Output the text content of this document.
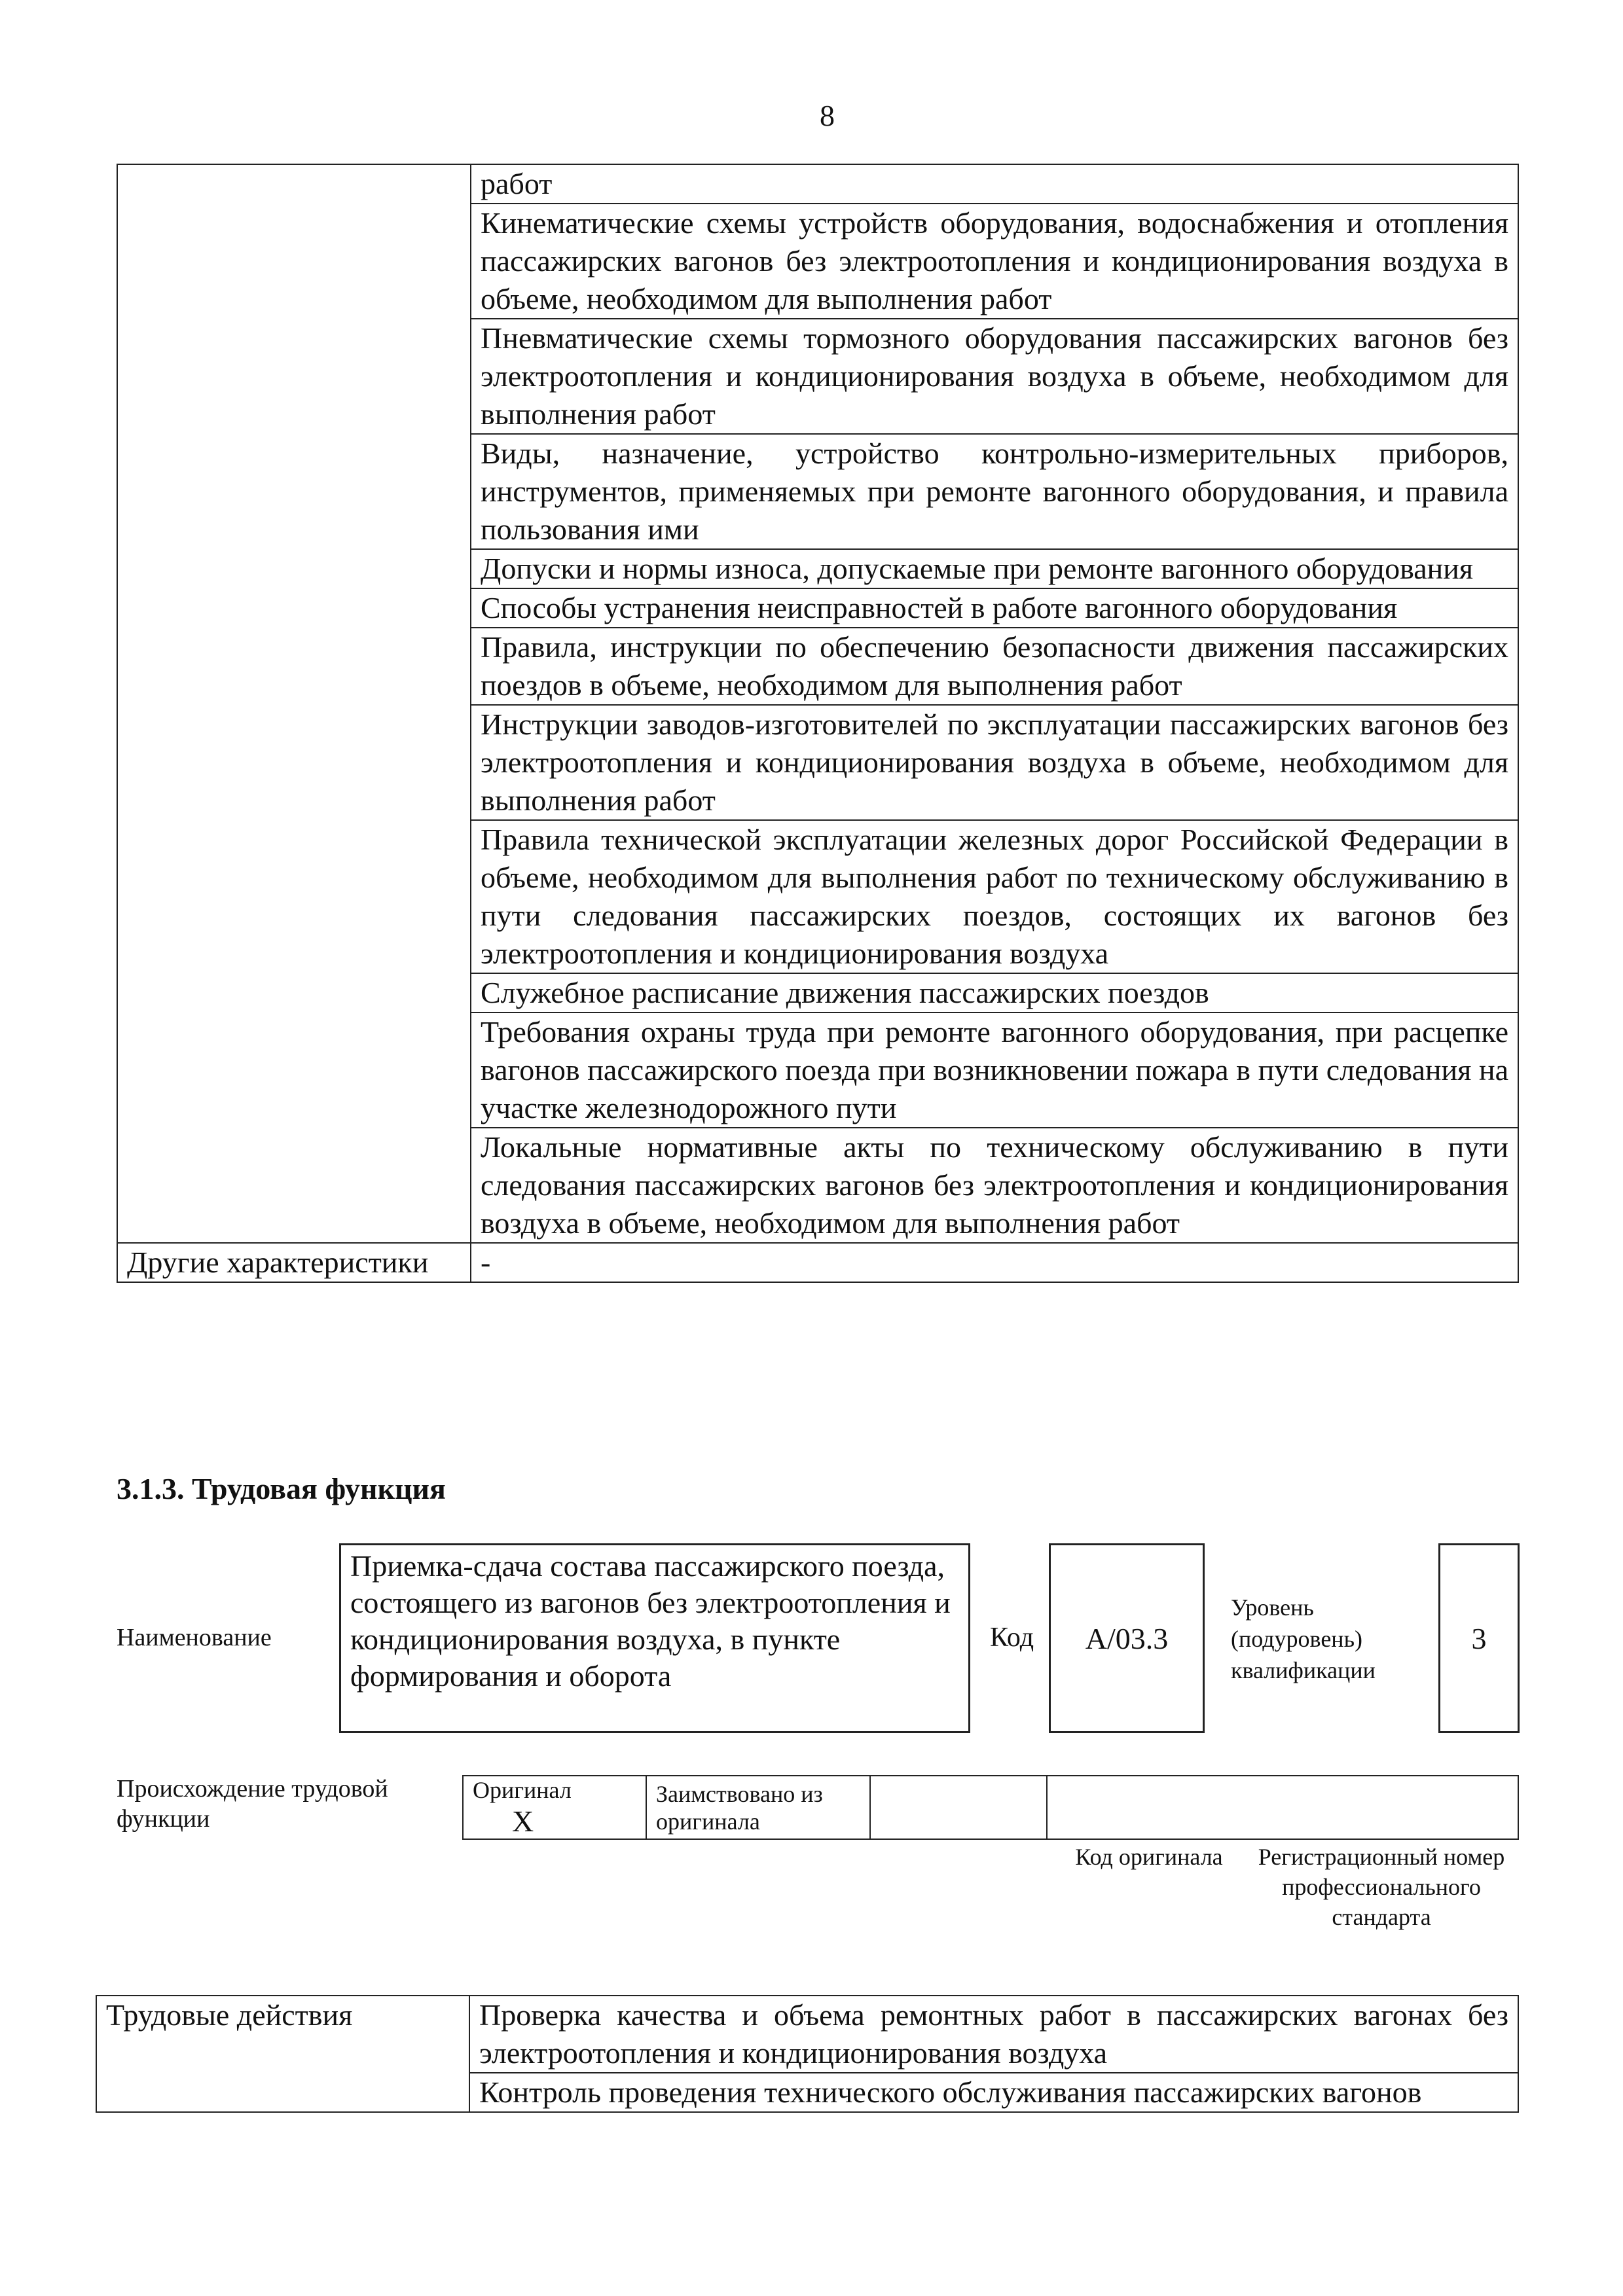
8
	работ
	Кинематические схемы устройств оборудования, водоснабжения и отопления пассажирских вагонов без электроотопления и кондиционирования воздуха в объеме, необходимом для выполнения работ
	Пневматические схемы тормозного оборудования пассажирских вагонов без электроотопления и кондиционирования воздуха в объеме, необходимом для выполнения работ
	Виды, назначение, устройство контрольно-измерительных приборов, инструментов, применяемых при ремонте вагонного оборудования, и правила пользования ими
	Допуски и нормы износа, допускаемые при ремонте вагонного оборудования
	Способы устранения неисправностей в работе вагонного оборудования
	Правила, инструкции по обеспечению безопасности движения пассажирских поездов в объеме, необходимом для выполнения работ
	Инструкции заводов-изготовителей по эксплуатации пассажирских вагонов без электроотопления и кондиционирования воздуха в объеме, необходимом для выполнения работ
	Правила технической эксплуатации железных дорог Российской Федерации в объеме, необходимом для выполнения работ по техническому обслуживанию в пути следования пассажирских поездов, состоящих их вагонов без электроотопления и кондиционирования воздуха
	Служебное расписание движения пассажирских поездов
	Требования охраны труда при ремонте вагонного оборудования, при расцепке вагонов пассажирского поезда при возникновении пожара в пути следования на участке железнодорожного пути
	Локальные нормативные акты по техническому обслуживанию в пути следования пассажирских вагонов без электроотопления и кондиционирования воздуха в объеме, необходимом для выполнения работ
Другие характеристики	-
3.1.3. Трудовая функция
Наименование
Приемка-сдача состава пассажирского поезда, состоящего из вагонов без электроотопления и кондиционирования воздуха, в пункте формирования и оборота
Код	А/03.3
Уровень (подуровень) квалификации
3
Происхождение трудовой функции
Оригинал X	Заимствовано из оригинала		
Код оригинала	Регистрационный номер профессионального стандарта
Трудовые действия	Проверка качества и объема ремонтных работ в пассажирских вагонах без электроотопления и кондиционирования воздуха
Контроль проведения технического обслуживания пассажирских вагонов
